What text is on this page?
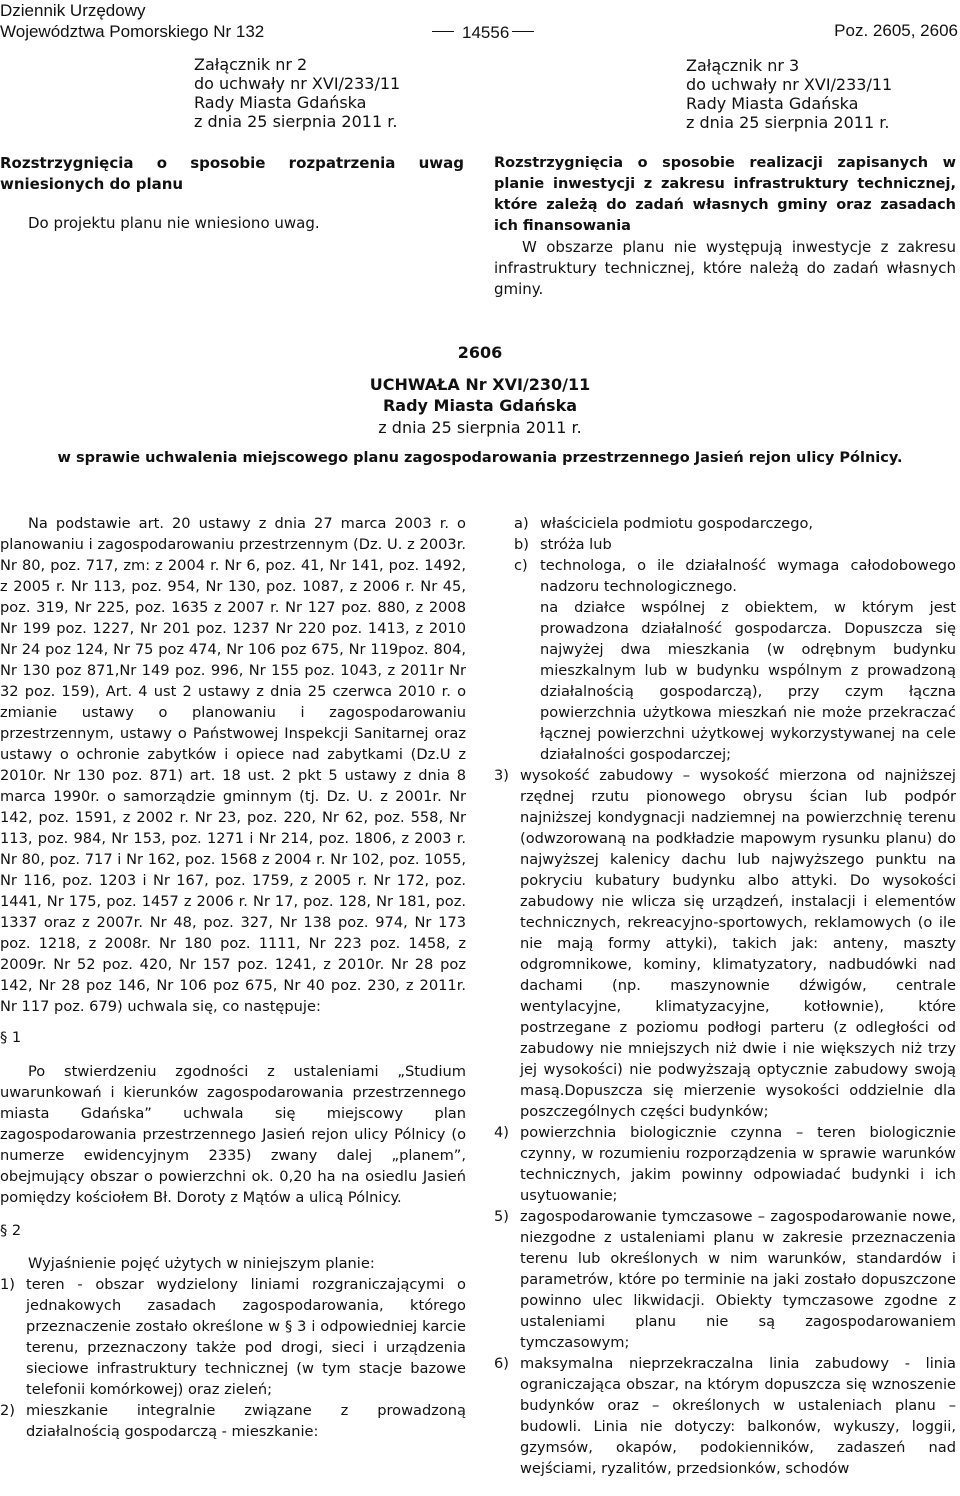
Dziennik Urzędowy
Województwa Pomorskiego Nr 132	14556	Poz. 2605, 2606

Załącznik nr 2

do uchwały nr XVI/233/11

Rady Miasta Gdańska

z dnia 25 sierpnia 2011 r.

Rozstrzygnięcia o sposobie rozpatrzenia uwag wniesionych do planu
Do projektu planu nie wniesiono uwag.

Załącznik nr 3

do uchwały nr XVI/233/11

Rady Miasta Gdańska

z dnia 25 sierpnia 2011 r.

Rozstrzygnięcia o sposobie realizacji zapisanych w planie inwestycji z zakresu infrastruktury technicznej, które zależą do zadań własnych gminy oraz zasadach ich finansowania
W obszarze planu nie występują inwestycje z zakresu infrastruktury technicznej, które należą do zadań własnych gminy.
2606
UCHWAŁA Nr XVI/230/11
Rady Miasta Gdańska
z dnia 25 sierpnia 2011 r.
w sprawie uchwalenia miejscowego planu zagospodarowania przestrzennego Jasień rejon ulicy Pólnicy.

Na podstawie art. 20 ustawy z dnia 27 marca 2003 r. o planowaniu i zagospodarowaniu przestrzennym (Dz. U. z 2003r. Nr 80, poz. 717, zm: z 2004 r. Nr 6, poz. 41, Nr 141, poz. 1492, z 2005 r. Nr 113, poz. 954, Nr 130, poz. 1087, z 2006 r. Nr 45, poz. 319, Nr 225, poz. 1635 z 2007 r. Nr 127 poz. 880, z 2008 Nr 199 poz. 1227, Nr 201 poz. 1237 Nr 220 poz. 1413, z 2010 Nr 24 poz 124, Nr 75 poz 474, Nr 106 poz 675, Nr 119poz. 804, Nr 130 poz 871,Nr 149 poz. 996, Nr 155 poz. 1043, z 2011r Nr 32 poz. 159), Art. 4 ust 2 ustawy z dnia 25 czerwca 2010 r. o zmianie ustawy o planowaniu i zagospodarowaniu przestrzennym, ustawy o Państwowej Inspekcji Sanitarnej oraz ustawy o ochronie zabytków i opiece nad zabytkami (Dz.U z 2010r. Nr 130 poz. 871) art. 18 ust. 2 pkt 5 ustawy z dnia 8 marca 1990r. o samorządzie gminnym (tj. Dz. U. z 2001r. Nr 142, poz. 1591, z 2002 r. Nr 23, poz. 220, Nr 62, poz. 558, Nr 113, poz. 984, Nr 153, poz. 1271 i Nr 214, poz. 1806, z 2003 r. Nr 80, poz. 717 i Nr 162, poz. 1568 z 2004 r. Nr 102, poz. 1055, Nr 116, poz. 1203 i Nr 167, poz. 1759, z 2005 r. Nr 172, poz. 1441, Nr 175, poz. 1457 z 2006 r. Nr 17, poz. 128, Nr 181, poz. 1337 oraz z 2007r. Nr 48, poz. 327, Nr 138 poz. 974, Nr 173 poz. 1218, z 2008r. Nr 180 poz. 1111, Nr 223 poz. 1458, z 2009r. Nr 52 poz. 420, Nr 157 poz. 1241, z 2010r. Nr 28 poz 142, Nr 28 poz 146, Nr 106 poz 675, Nr 40 poz. 230, z 2011r. Nr 117 poz. 679) uchwala się, co następuje:

§ 1

Po stwierdzeniu zgodności z ustaleniami „Studium uwarunkowań i kierunków zagospodarowania przestrzennego miasta Gdańska” uchwala się miejscowy plan zagospodarowania przestrzennego Jasień rejon ulicy Pólnicy (o numerze ewidencyjnym 2335) zwany dalej „planem”, obejmujący obszar o powierzchni ok. 0,20 ha na osiedlu Jasień pomiędzy kościołem Bł. Doroty z Mątów a ulicą Pólnicy.

§ 2

Wyjaśnienie pojęć użytych w niniejszym planie:

1) teren - obszar wydzielony liniami rozgraniczającymi o jednakowych zasadach zagospodarowania, którego przeznaczenie zostało określone w § 3 i odpowiedniej karcie terenu, przeznaczony także pod drogi, sieci i urządzenia sieciowe infrastruktury technicznej (w tym stacje bazowe telefonii komórkowej) oraz zieleń;
2) mieszkanie integralnie związane z prowadzoną działalnością gospodarczą - mieszkanie:
a) właściciela podmiotu gospodarczego,
b) stróża lub
c) technologa, o ile działalność wymaga całodobowego nadzoru technologicznego.

na działce wspólnej z obiektem, w którym jest prowadzona działalność gospodarcza. Dopuszcza się najwyżej dwa mieszkania (w odrębnym budynku mieszkalnym lub w budynku wspólnym z prowadzoną działalnością gospodarczą), przy czym łączna powierzchnia użytkowa mieszkań nie może przekraczać łącznej powierzchni użytkowej wykorzystywanej na cele działalności gospodarczej;

3) wysokość zabudowy – wysokość mierzona od najniższej rzędnej rzutu pionowego obrysu ścian lub podpór najniższej kondygnacji nadziemnej na powierzchnię terenu (odwzorowaną na podkładzie mapowym rysunku planu) do najwyższej kalenicy dachu lub najwyższego punktu na pokryciu kubatury budynku albo attyki. Do wysokości zabudowy nie wlicza się urządzeń, instalacji i elementów technicznych, rekreacyjno-sportowych, reklamowych (o ile nie mają formy attyki), takich jak: anteny, maszty odgromnikowe, kominy, klimatyzatory, nadbudówki nad dachami (np. maszynownie dźwigów, centrale wentylacyjne, klimatyzacyjne, kotłownie), które postrzegane z poziomu podłogi parteru (z odległości od zabudowy nie mniejszych niż dwie i nie większych niż trzy jej wysokości) nie podwyższają optycznie zabudowy swoją masą.Dopuszcza się mierzenie wysokości oddzielnie dla poszczególnych części budynków;
4) powierzchnia biologicznie czynna – teren biologicznie czynny, w rozumieniu rozporządzenia w sprawie warunków technicznych, jakim powinny odpowiadać budynki i ich usytuowanie;
5) zagospodarowanie tymczasowe – zagospodarowanie nowe, niezgodne z ustaleniami planu w zakresie przeznaczenia terenu lub określonych w nim warunków, standardów i parametrów, które po terminie na jaki zostało dopuszczone powinno ulec likwidacji. Obiekty tymczasowe zgodne z ustaleniami planu nie są zagospodarowaniem tymczasowym;
6) maksymalna nieprzekraczalna linia zabudowy - linia ograniczająca obszar, na którym dopuszcza się wznoszenie budynków oraz – określonych w ustaleniach planu – budowli. Linia nie dotyczy: balkonów, wykuszy, loggii, gzymsów, okapów, podokienników, zadaszeń nad wejściami, ryzalitów, przedsionków, schodów
